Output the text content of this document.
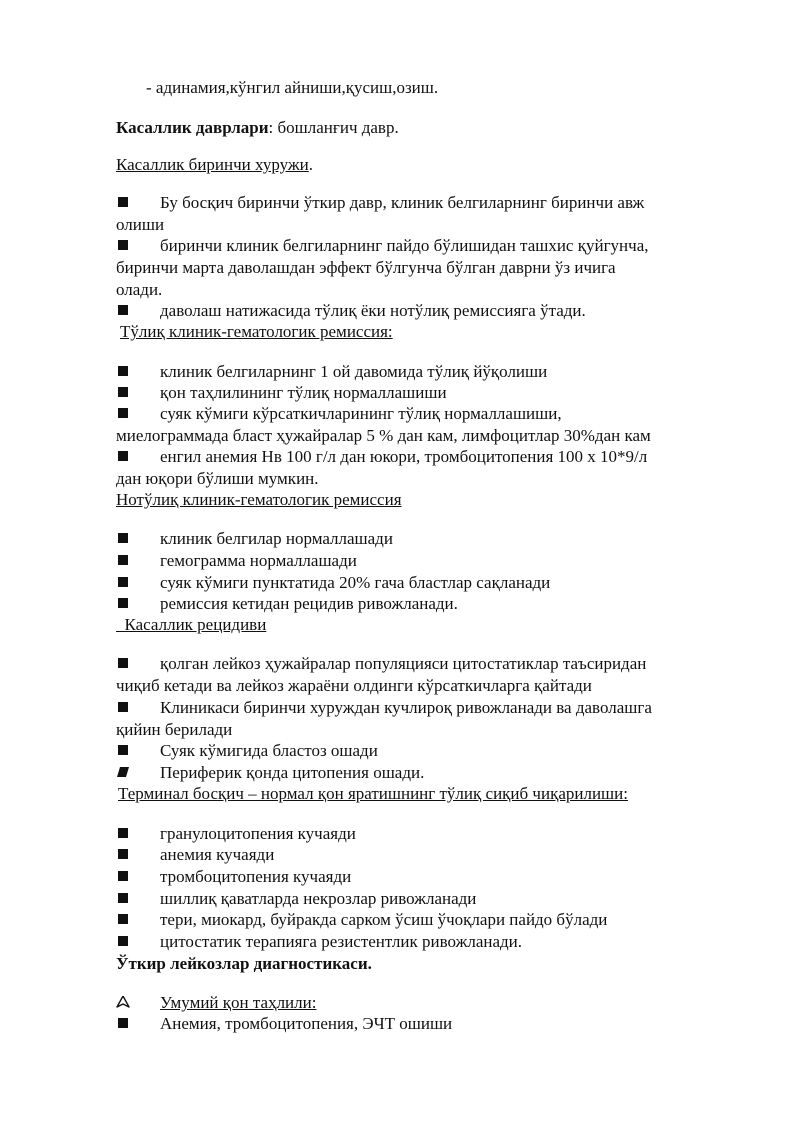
- адинамия,кўнгил айниши,қусиш,озиш.
Касаллик даврлари: бошланғич давр.
Касаллик биринчи хуружи.
Бу босқич биринчи ўткир давр, клиник белгиларнинг биринчи авж
олиши
биринчи клиник белгиларнинг пайдо бўлишидан ташхис қуйгунча,
биринчи марта даволашдан эффект бўлгунча бўлган даврни ўз ичига
олади.
даволаш натижасида тўлиқ ёки нотўлиқ ремиссияга ўтади.
Тўлиқ клиник-гематологик ремиссия:
клиник белгиларнинг 1 ой давомида тўлиқ йўқолиши
қон таҳлилининг тўлиқ нормаллашиши
суяк кўмиги кўрсаткичларининг тўлиқ нормаллашиши,
миелограммада бласт ҳужайралар 5 % дан кам, лимфоцитлар 30%дан кам
енгил анемия Нв 100 г/л дан юкори, тромбоцитопения 100 х 10*9/л
дан юқори бўлиши мумкин.
Нотўлиқ клиник-гематологик ремиссия
клиник белгилар нормаллашади
гемограмма нормаллашади
суяк кўмиги пунктатида 20% гача бластлар сақланади
ремиссия кетидан рецидив ривожланади.
Касаллик рецидиви
қолган лейкоз ҳужайралар популяцияси цитостатиклар таъсиридан
чиқиб кетади ва лейкоз жараёни олдинги кўрсаткичларга қайтади
Клиникаси биринчи хуруждан кучлироқ ривожланади ва даволашга
қийин берилади
Суяк кўмигида бластоз ошади
Периферик қонда цитопения ошади.
Терминал босқич – нормал қон яратишнинг тўлиқ сиқиб чиқарилиши:
гранулоцитопения кучаяди
анемия кучаяди
тромбоцитопения кучаяди
шиллиқ қаватларда некрозлар ривожланади
тери, миокард, буйракда сарком ўсиш ўчоқлари пайдо бўлади
цитостатик терапияга резистентлик ривожланади.
Ўткир лейкозлар диагностикаси.
Умумий қон таҳлили:
Анемия, тромбоцитопения, ЭЧТ ошиши
